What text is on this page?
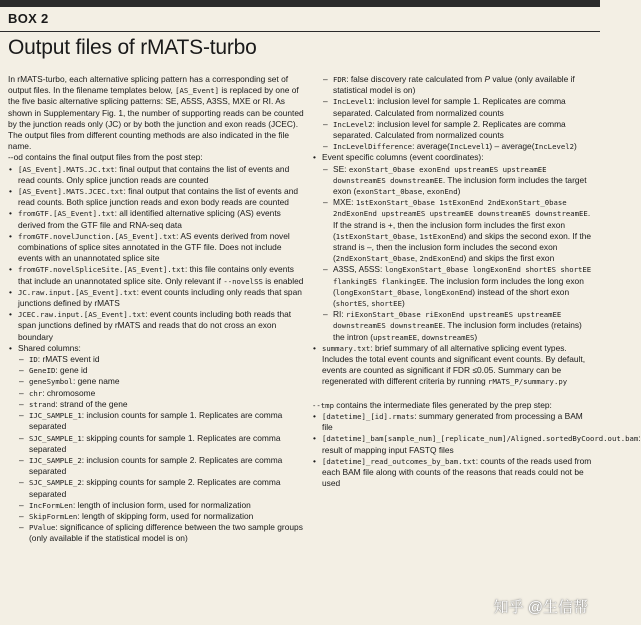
BOX 2
Output files of rMATS-turbo

In rMATS-turbo, each alternative splicing pattern has a corresponding set of output files. In the filename templates below, [AS_Event] is replaced by one of the five basic alternative splicing patterns: SE, A5SS, A3SS, MXE or RI. As shown in Supplementary Fig. 1, the number of supporting reads can be counted by the junction reads only (JC) or by both the junction and exon reads (JCEC). The output files from different counting methods are also indicated in the file name.

--od contains the final output files from the post step:

• [AS_Event].MATS.JC.txt: final output that contains the list of events and read counts. Only splice junction reads are counted
• [AS_Event].MATS.JCEC.txt: final output that contains the list of events and read counts. Both splice junction reads and exon body reads are counted
• fromGTF.[AS_Event].txt: all identified alternative splicing (AS) events derived from the GTF file and RNA-seq data
• fromGTF.novelJunction.[AS_Event].txt: AS events derived from novel combinations of splice sites annotated in the GTF file. Does not include events with an unannotated splice site
• fromGTF.novelSpliceSite.[AS_Event].txt: this file contains only events that include an unannotated splice site. Only relevant if --novelSS is enabled
• JC.raw.input.[AS_Event].txt: event counts including only reads that span junctions defined by rMATS
• JCEC.raw.input.[AS_Event].txt: event counts including both reads that span junctions defined by rMATS and reads that do not cross an exon boundary
• Shared columns:
– ID: rMATS event id
– GeneID: gene id
– geneSymbol: gene name
– chr: chromosome
– strand: strand of the gene
– IJC_SAMPLE_1: inclusion counts for sample 1. Replicates are comma separated
– SJC_SAMPLE_1: skipping counts for sample 1. Replicates are comma separated
– IJC_SAMPLE_2: inclusion counts for sample 2. Replicates are comma separated
– SJC_SAMPLE_2: skipping counts for sample 2. Replicates are comma separated
– IncFormLen: length of inclusion form, used for normalization
– SkipFormLen: length of skipping form, used for normalization
– PValue: significance of splicing difference between the two sample groups (only available if the statistical model is on)
– FDR: false discovery rate calculated from P value (only available if statistical model is on)
– IncLevel1: inclusion level for sample 1. Replicates are comma separated. Calculated from normalized counts
– IncLevel2: inclusion level for sample 2. Replicates are comma separated. Calculated from normalized counts
– IncLevelDifference: average(IncLevel1) – average(IncLevel2)
• Event specific columns (event coordinates):
– SE: exonStart_0base exonEnd upstreamES upstreamEE downstreamES downstreamEE. The inclusion form includes the target exon (exonStart_0base, exonEnd)
– MXE: 1stExonStart_0base 1stExonEnd 2ndExonStart_0base 2ndExonEnd upstreamES upstreamEE downstreamES downstreamEE. If the strand is +, then the inclusion form includes the first exon (1stExonStart_0base, 1stExonEnd) and skips the second exon. If the strand is –, then the inclusion form includes the second exon (2ndExonStart_0base, 2ndExonEnd) and skips the first exon
– A3SS, A5SS: longExonStart_0base longExonEnd shortES shortEE flankingES flankingEE. The inclusion form includes the long exon (longExonStart_0base, longExonEnd) instead of the short exon (shortES, shortEE)
– RI: riExonStart_0base riExonEnd upstreamES upstreamEE downstreamES downstreamEE. The inclusion form includes (retains) the intron (upstreamEE, downstreamES)
• summary.txt: brief summary of all alternative splicing event types. Includes the total event counts and significant event counts. By default, events are counted as significant if FDR ≤0.05. Summary can be regenerated with different criteria by running rMATS_P/summary.py

--tmp contains the intermediate files generated by the prep step:

• [datetime]_[id].rmats: summary generated from processing a BAM file
• [datetime]_bam[sample_num]_[replicate_num]/Aligned.sortedByCoord.out.bam: result of mapping input FASTQ files
• [datetime]_read_outcomes_by_bam.txt: counts of the reads used from each BAM file along with counts of the reasons that reads could not be used
知乎 @生信帮
